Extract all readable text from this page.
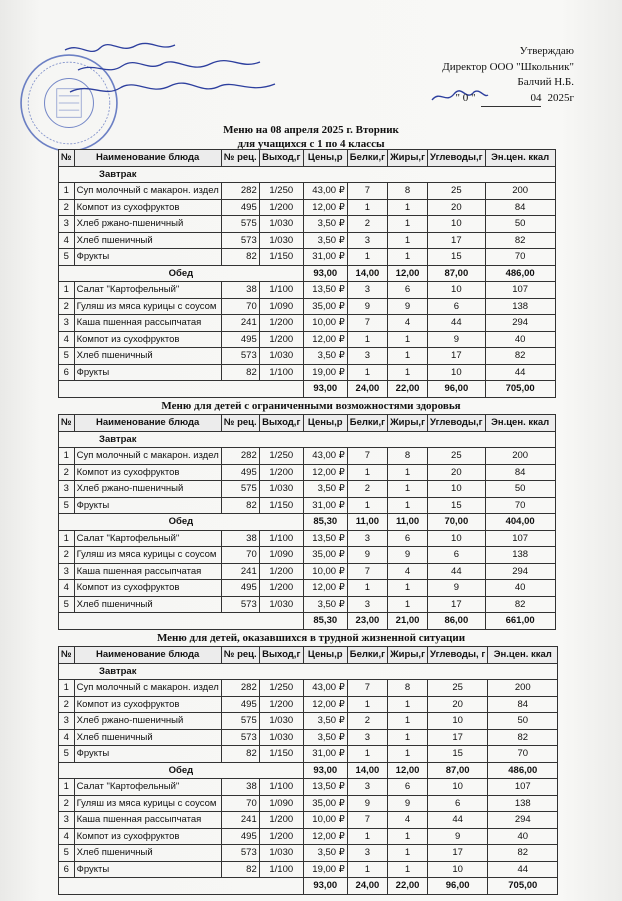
Утверждаю
Директор ООО "Школьник"
Балчий Н.Б.
" 0 "	04 2025г
Меню на 08 апреля 2025 г. Вторник
для учащихся с 1 по 4 классы
№	Наименование блюда	№ рец.	Выход,г	Цены,р	Белки,г	Жиры,г	Углеводы,г	Эн.цен. ккал
Завтрак								
1	Суп молочный с макарон. издел	282	1/250	43,00 ₽	7	8	25	200
2	Компот из сухофруктов	495	1/200	12,00 ₽	1	1	20	84
3	Хлеб ржано-пшеничный	575	1/030	3,50 ₽	2	1	10	50
4	Хлеб пшеничный	573	1/030	3,50 ₽	3	1	17	82
5	Фрукты	82	1/150	31,00 ₽	1	1	15	70
Обед				93,00	14,00	12,00	87,00	486,00
1	Салат "Картофельный"	38	1/100	13,50 ₽	3	6	10	107
2	Гуляш из мяса курицы с соусом	70	1/090	35,00 ₽	9	9	6	138
3	Каша пшенная рассыпчатая	241	1/200	10,00 ₽	7	4	44	294
4	Компот из сухофруктов	495	1/200	12,00 ₽	1	1	9	40
5	Хлеб пшеничный	573	1/030	3,50 ₽	3	1	17	82
6	Фрукты	82	1/100	19,00 ₽	1	1	10	44
				93,00	24,00	22,00	96,00	705,00
Меню для детей с ограниченными возможностями здоровья
№	Наименование блюда	№ рец.	Выход,г	Цены,р	Белки,г	Жиры,г	Углеводы,г	Эн.цен. ккал
Завтрак								
1	Суп молочный с макарон. издел	282	1/250	43,00 ₽	7	8	25	200
2	Компот из сухофруктов	495	1/200	12,00 ₽	1	1	20	84
3	Хлеб ржано-пшеничный	575	1/030	3,50 ₽	2	1	10	50
5	Фрукты	82	1/150	31,00 ₽	1	1	15	70
Обед				85,30	11,00	11,00	70,00	404,00
1	Салат "Картофельный"	38	1/100	13,50 ₽	3	6	10	107
2	Гуляш из мяса курицы с соусом	70	1/090	35,00 ₽	9	9	6	138
3	Каша пшенная рассыпчатая	241	1/200	10,00 ₽	7	4	44	294
4	Компот из сухофруктов	495	1/200	12,00 ₽	1	1	9	40
5	Хлеб пшеничный	573	1/030	3,50 ₽	3	1	17	82
				85,30	23,00	21,00	86,00	661,00
Меню для детей, оказавшихся в трудной жизненной ситуации
№	Наименование блюда	№ рец.	Выход,г	Цены,р	Белки,г	Жиры,г	Углеводы, г	Эн.цен. ккал
Завтрак								
1	Суп молочный с макарон. издел	282	1/250	43,00 ₽	7	8	25	200
2	Компот из сухофруктов	495	1/200	12,00 ₽	1	1	20	84
3	Хлеб ржано-пшеничный	575	1/030	3,50 ₽	2	1	10	50
4	Хлеб пшеничный	573	1/030	3,50 ₽	3	1	17	82
5	Фрукты	82	1/150	31,00 ₽	1	1	15	70
Обед				93,00	14,00	12,00	87,00	486,00
1	Салат "Картофельный"	38	1/100	13,50 ₽	3	6	10	107
2	Гуляш из мяса курицы с соусом	70	1/090	35,00 ₽	9	9	6	138
3	Каша пшенная рассыпчатая	241	1/200	10,00 ₽	7	4	44	294
4	Компот из сухофруктов	495	1/200	12,00 ₽	1	1	9	40
5	Хлеб пшеничный	573	1/030	3,50 ₽	3	1	17	82
6	Фрукты	82	1/100	19,00 ₽	1	1	10	44
				93,00	24,00	22,00	96,00	705,00
